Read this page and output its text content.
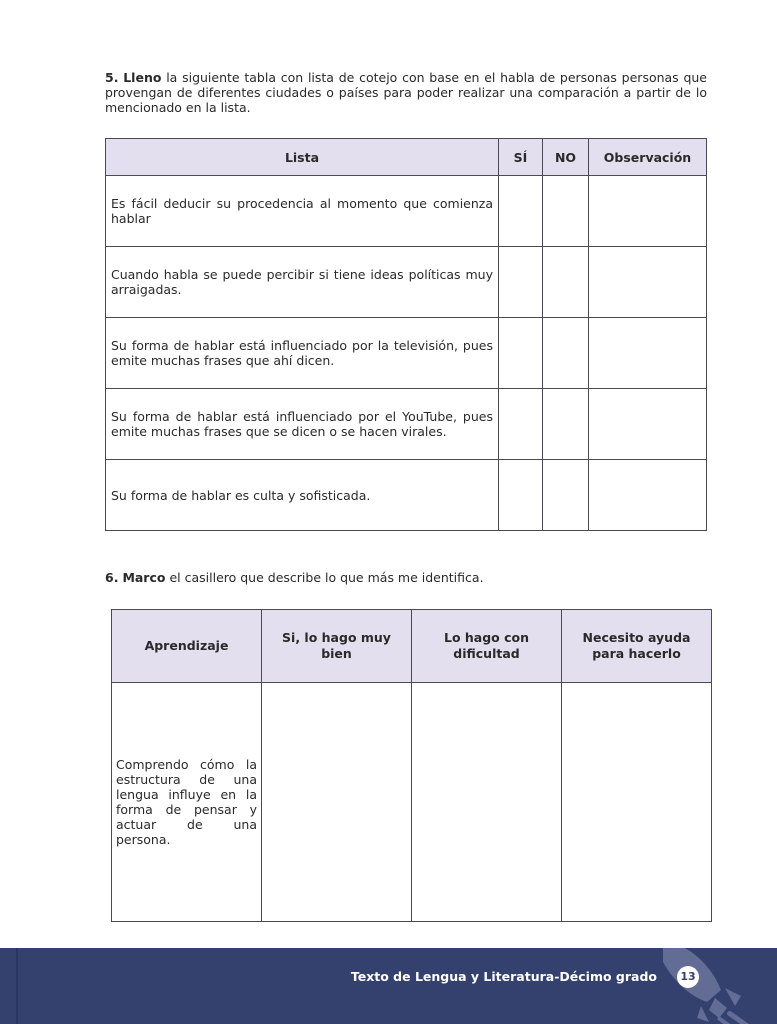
5. Lleno la siguiente tabla con lista de cotejo con base en el habla de personas personas que provengan de diferentes ciudades o países para poder realizar una comparación a partir de lo mencionado en la lista.

Lista	SÍ	NO	Observación
Es fácil deducir su procedencia al momento que comienza hablar			
Cuando habla se puede percibir si tiene ideas políticas muy arraigadas.			
Su forma de hablar está influenciado por la televisión, pues emite muchas frases que ahí dicen.			
Su forma de hablar está influenciado por el YouTube, pues emite muchas frases que se dicen o se hacen virales.			
Su forma de hablar es culta y sofisticada.			

6. Marco el casillero que describe lo que más me identifica.

Aprendizaje	Si, lo hago muy bien	Lo hago con dificultad	Necesito ayuda para hacerlo
Comprendo cómo la estructura de una lengua influye en la forma de pensar y actuar de una persona.			
Texto de Lengua y Literatura-Décimo grado	13
